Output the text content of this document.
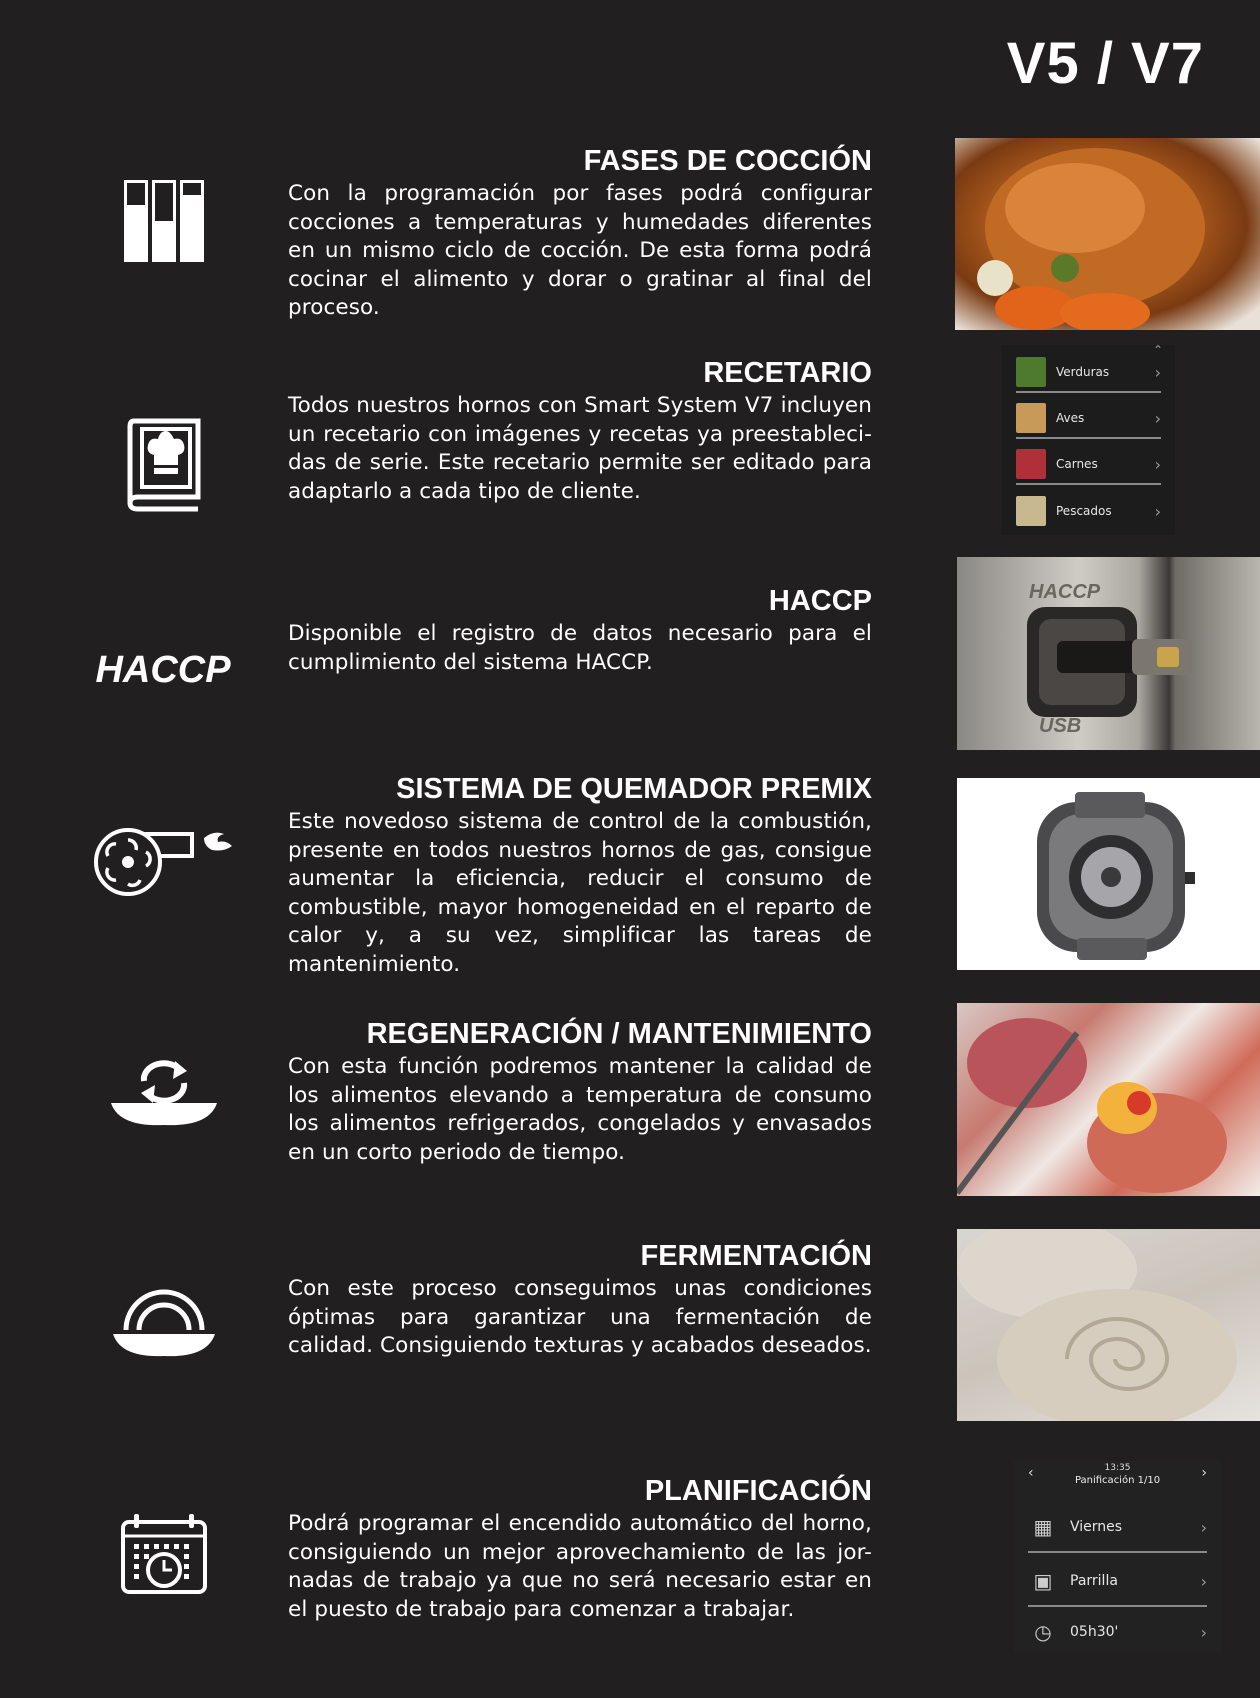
V5 / V7
FASES DE COCCIÓN
Con la programación por fases podrá configurar cocciones a temperaturas y humedades diferentes en un mismo ciclo de cocción. De esta forma podrá cocinar el alimento y dorar o gratinar al final del proceso.
RECETARIO
Todos nuestros hornos con Smart System V7 incluyen un recetario con imágenes y recetas ya preestableci-das de serie. Este recetario permite ser editado para adaptarlo a cada tipo de cliente.
⌃
Verduras	›
Aves	›
Carnes	›
Pescados	›
HACCP
HACCP
Disponible el registro de datos necesario para el cumplimiento del sistema HACCP.
HACCP
USB
SISTEMA DE QUEMADOR PREMIX
Este novedoso sistema de control de la combustión, presente en todos nuestros hornos de gas, consigue aumentar la eficiencia, reducir el consumo de combustible, mayor homogeneidad en el reparto de calor y, a su vez, simplificar las tareas de mantenimiento.
REGENERACIÓN / MANTENIMIENTO
Con esta función podremos mantener la calidad de los alimentos elevando a temperatura de consumo los alimentos refrigerados, congelados y envasados en un corto periodo de tiempo.
FERMENTACIÓN
Con este proceso conseguimos unas condiciones óptimas para garantizar una fermentación de calidad. Consiguiendo texturas y acabados deseados.
PLANIFICACIÓN
Podrá programar el encendido automático del horno, consiguiendo un mejor aprovechamiento de las jor-nadas de trabajo ya que no será necesario estar en el puesto de trabajo para comenzar a trabajar.
‹	›
13:35
Panificación 1/10
▦	Viernes	›
▣	Parrilla	›
◷	05h30'	›
